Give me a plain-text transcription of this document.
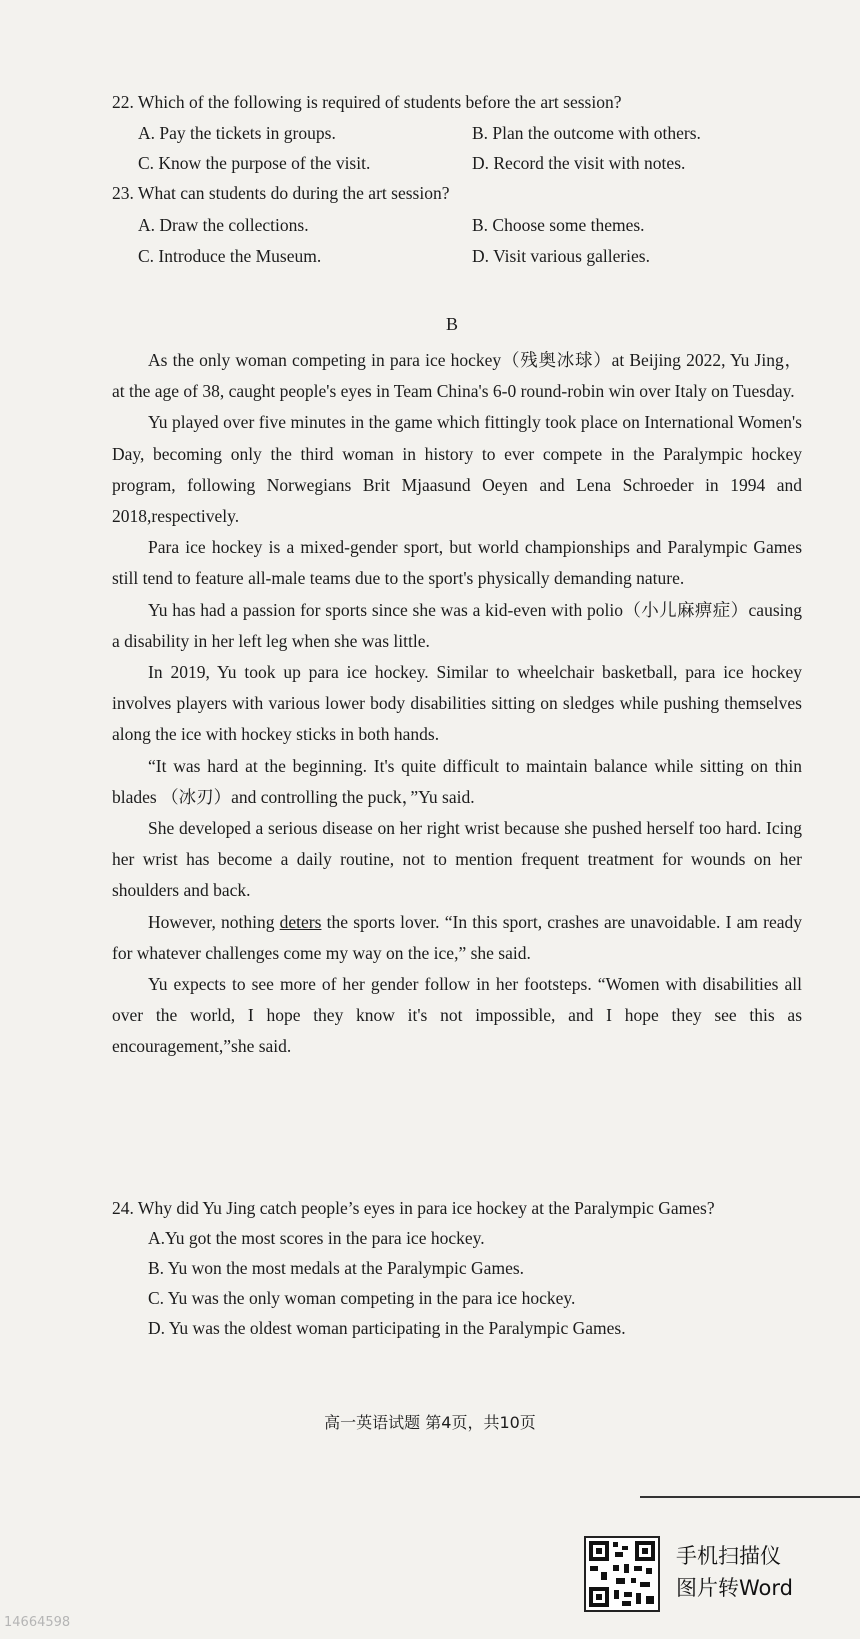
22. Which of the following is required of students before the art session?
A. Pay the tickets in groups.	B. Plan the outcome with others.
C. Know the purpose of the visit.	D. Record the visit with notes.
23. What can students do during the art session?
A. Draw the collections.	B. Choose some themes.
C. Introduce the Museum.	D. Visit various galleries.
B

As the only woman competing in para ice hockey（残奥冰球）at Beijing 2022, Yu Jing， at the age of 38, caught people's eyes in Team China's 6-0 round-robin win over Italy on Tuesday.

Yu played over five minutes in the game which fittingly took place on International Women's Day, becoming only the third woman in history to ever compete in the Paralympic hockey program, following Norwegians Brit Mjaasund Oeyen and Lena Schroeder in 1994 and 2018,respectively.

Para ice hockey is a mixed-gender sport, but world championships and Paralympic Games still tend to feature all-male teams due to the sport's physically demanding nature.

Yu has had a passion for sports since she was a kid-even with polio（小儿麻痹症）causing a disability in her left leg when she was little.

In 2019, Yu took up para ice hockey. Similar to wheelchair basketball, para ice hockey involves players with various lower body disabilities sitting on sledges while pushing themselves along the ice with hockey sticks in both hands.

“It was hard at the beginning. It's quite difficult to maintain balance while sitting on thin blades （冰刃）and controlling the puck，”Yu said.

She developed a serious disease on her right wrist because she pushed herself too hard. Icing her wrist has become a daily routine, not to mention frequent treatment for wounds on her shoulders and back.

However, nothing deters the sports lover. “In this sport, crashes are unavoidable. I am ready for whatever challenges come my way on the ice,” she said.

Yu expects to see more of her gender follow in her footsteps. “Women with disabilities all over the world, I hope they know it's not impossible, and I hope they see this as encouragement,”she said.

24. Why did Yu Jing catch people’s eyes in para ice hockey at the Paralympic Games?
A.Yu got the most scores in the para ice hockey.
B. Yu won the most medals at the Paralympic Games.
C. Yu was the only woman competing in the para ice hockey.
D. Yu was the oldest woman participating in the Paralympic Games.
高一英语试题 第4页，共10页
手机扫描仪
图片转Word
14664598
